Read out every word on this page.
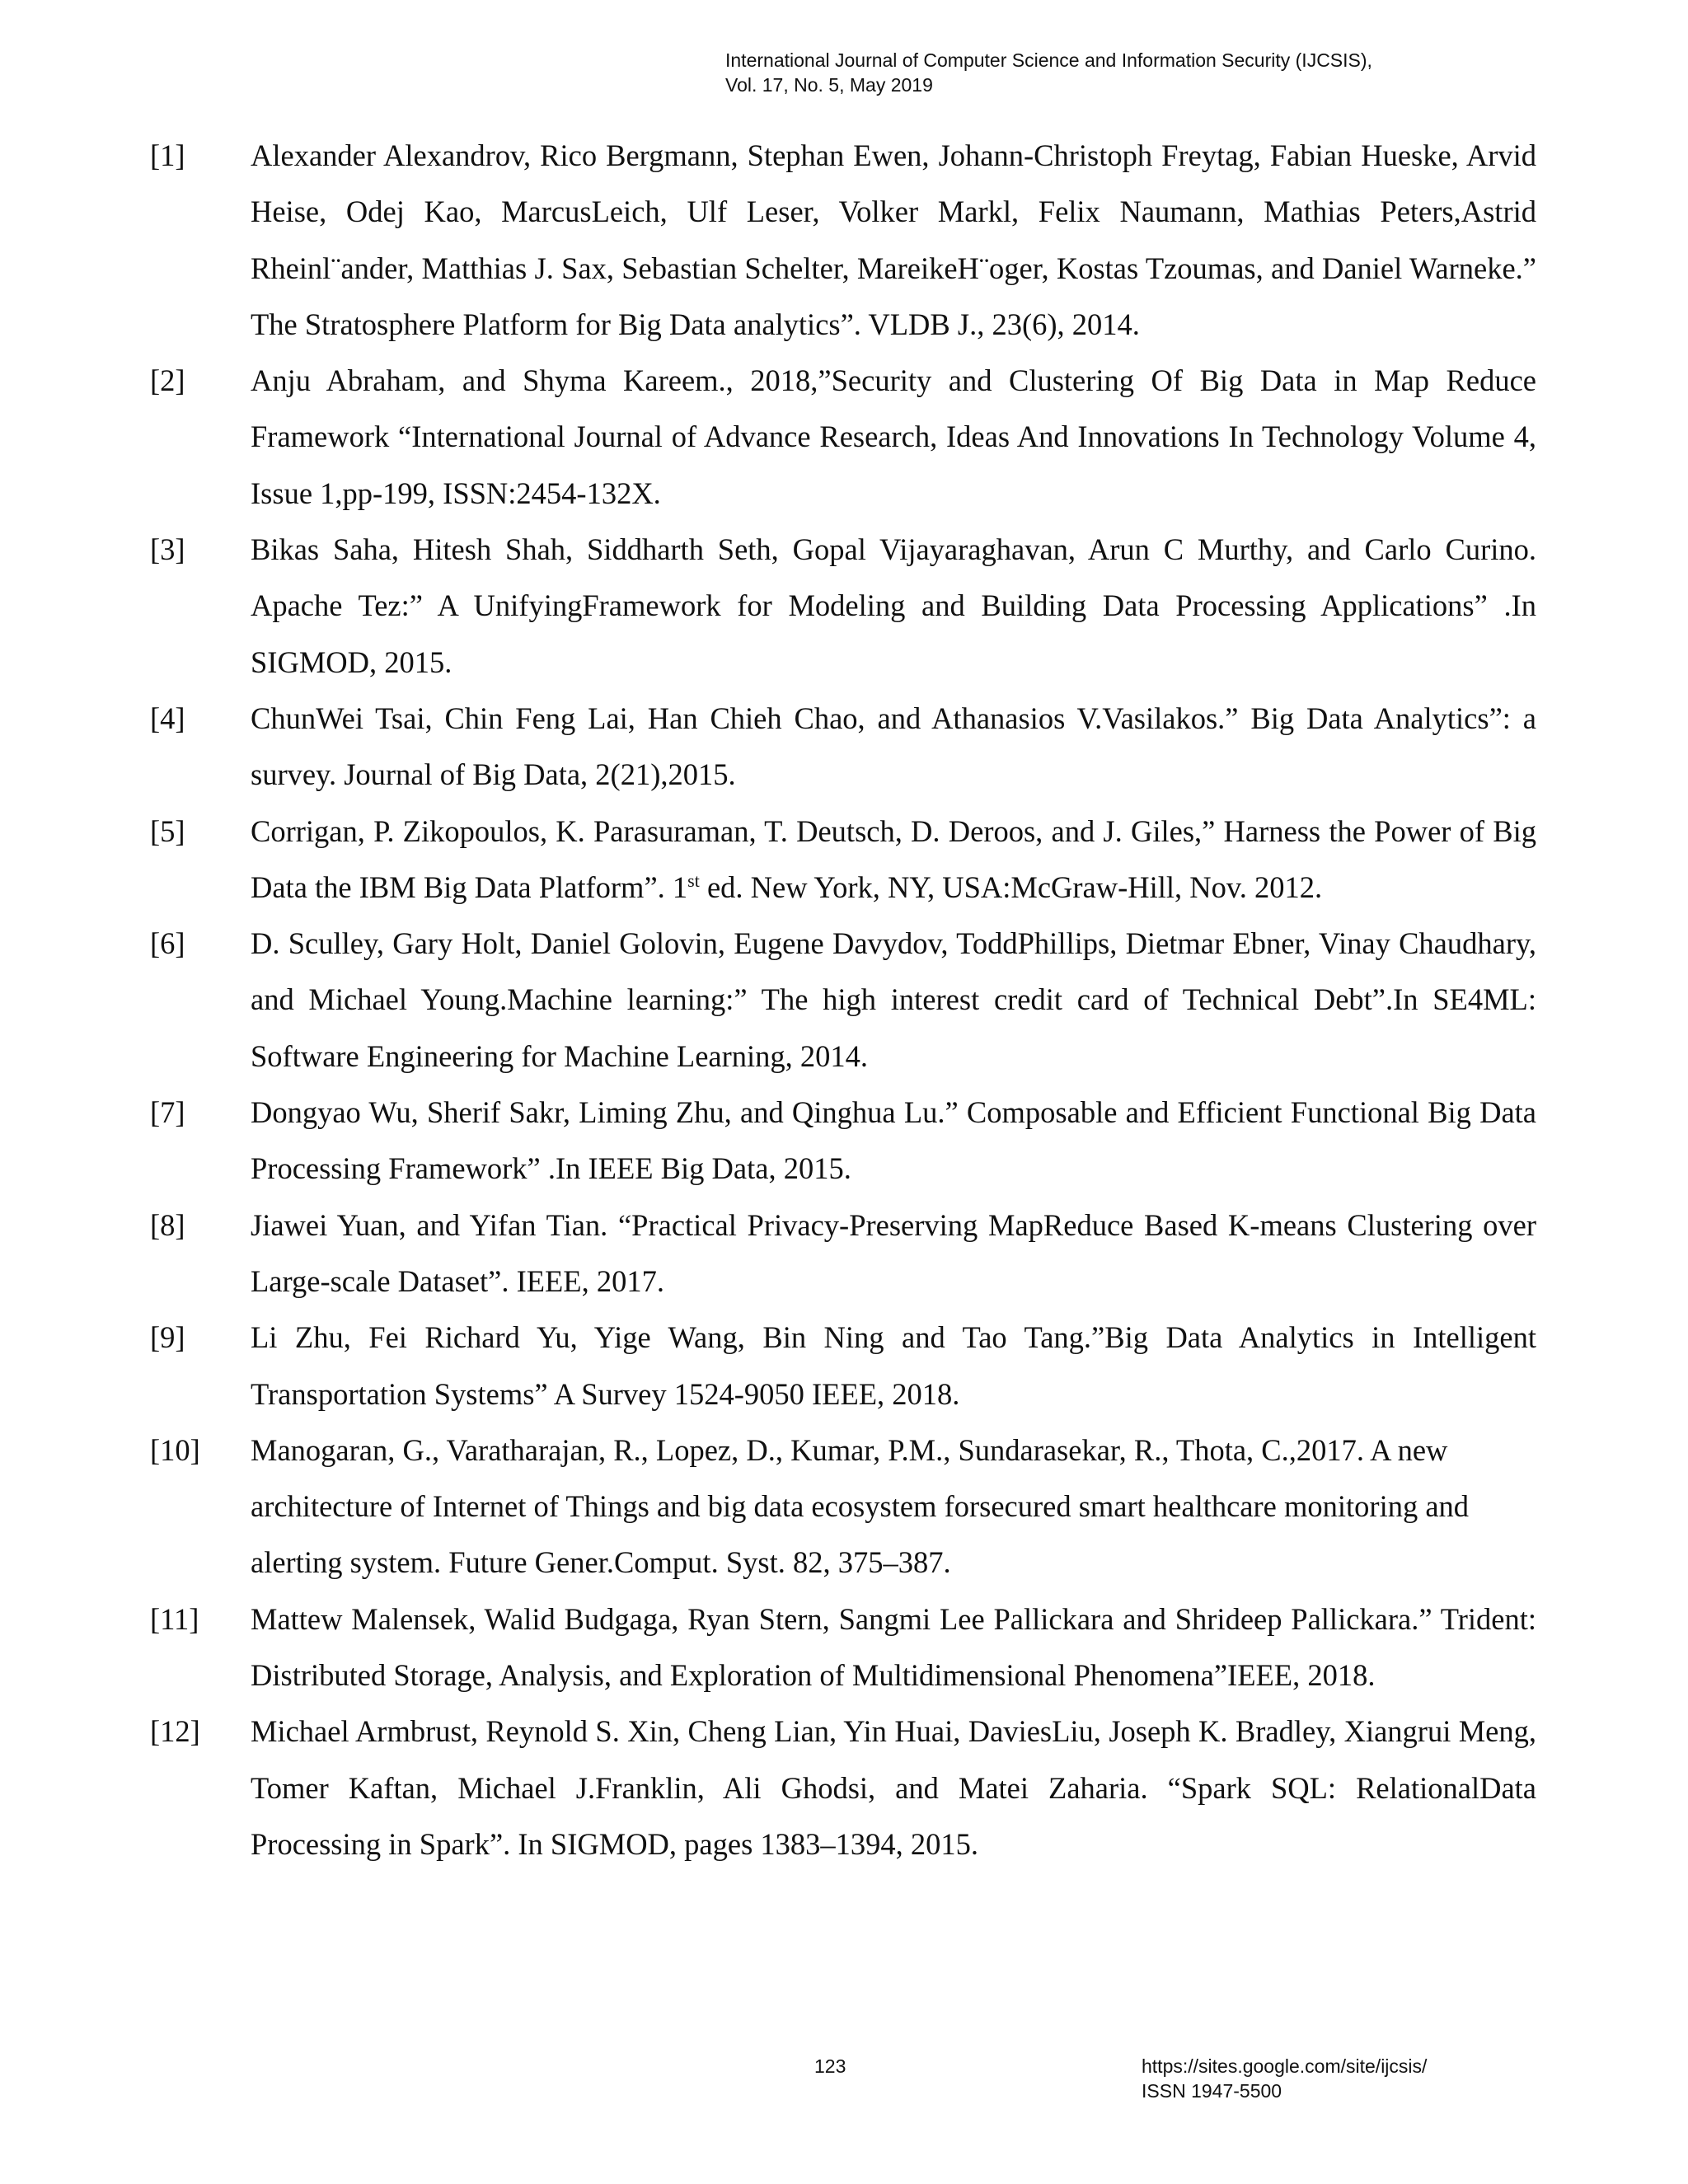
International Journal of Computer Science and Information Security (IJCSIS),
Vol. 17, No. 5, May 2019
[1] Alexander Alexandrov, Rico Bergmann, Stephan Ewen, Johann-Christoph Freytag, Fabian Hueske, Arvid Heise, Odej Kao, MarcusLeich, Ulf Leser, Volker Markl, Felix Naumann, Mathias Peters,Astrid Rheinl¨ander, Matthias J. Sax, Sebastian Schelter, MareikeH¨oger, Kostas Tzoumas, and Daniel Warneke.” The Stratosphere Platform for Big Data analytics”. VLDB J., 23(6), 2014.
[2] Anju Abraham, and Shyma Kareem., 2018,”Security and Clustering Of Big Data in Map Reduce Framework “International Journal of Advance Research, Ideas And Innovations In Technology Volume 4, Issue 1,pp-199, ISSN:2454-132X.
[3] Bikas Saha, Hitesh Shah, Siddharth Seth, Gopal Vijayaraghavan, Arun C Murthy, and Carlo Curino. Apache Tez:” A UnifyingFramework for Modeling and Building Data Processing Applications” .In SIGMOD, 2015.
[4] ChunWei Tsai, Chin Feng Lai, Han Chieh Chao, and Athanasios V.Vasilakos.” Big Data Analytics”: a survey. Journal of Big Data, 2(21),2015.
[5] Corrigan, P. Zikopoulos, K. Parasuraman, T. Deutsch, D. Deroos, and J. Giles,” Harness the Power of Big Data the IBM Big Data Platform”. 1st ed. New York, NY, USA:McGraw-Hill, Nov. 2012.
[6] D. Sculley, Gary Holt, Daniel Golovin, Eugene Davydov, ToddPhillips, Dietmar Ebner, Vinay Chaudhary, and Michael Young.Machine learning:” The high interest credit card of Technical Debt”.In SE4ML: Software Engineering for Machine Learning, 2014.
[7] Dongyao Wu, Sherif Sakr, Liming Zhu, and Qinghua Lu.” Composable and Efficient Functional Big Data Processing Framework” .In IEEE Big Data, 2015.
[8] Jiawei Yuan, and Yifan Tian. “Practical Privacy-Preserving MapReduce Based K-means Clustering over Large-scale Dataset”. IEEE, 2017.
[9] Li Zhu, Fei Richard Yu, Yige Wang, Bin Ning and Tao Tang.”Big Data Analytics in Intelligent Transportation Systems” A Survey 1524-9050 IEEE, 2018.
[10] Manogaran, G., Varatharajan, R., Lopez, D., Kumar, P.M., Sundarasekar, R., Thota, C.,2017. A new architecture of Internet of Things and big data ecosystem forsecured smart healthcare monitoring and alerting system. Future Gener.Comput. Syst. 82, 375–387.
[11] Mattew Malensek, Walid Budgaga, Ryan Stern, Sangmi Lee Pallickara and Shrideep Pallickara.” Trident: Distributed Storage, Analysis, and Exploration of Multidimensional Phenomena”IEEE, 2018.
[12] Michael Armbrust, Reynold S. Xin, Cheng Lian, Yin Huai, DaviesLiu, Joseph K. Bradley, Xiangrui Meng, Tomer Kaftan, Michael J.Franklin, Ali Ghodsi, and Matei Zaharia. “Spark SQL: RelationalData Processing in Spark”. In SIGMOD, pages 1383–1394, 2015.
123	https://sites.google.com/site/ijcsis/
ISSN 1947-5500
